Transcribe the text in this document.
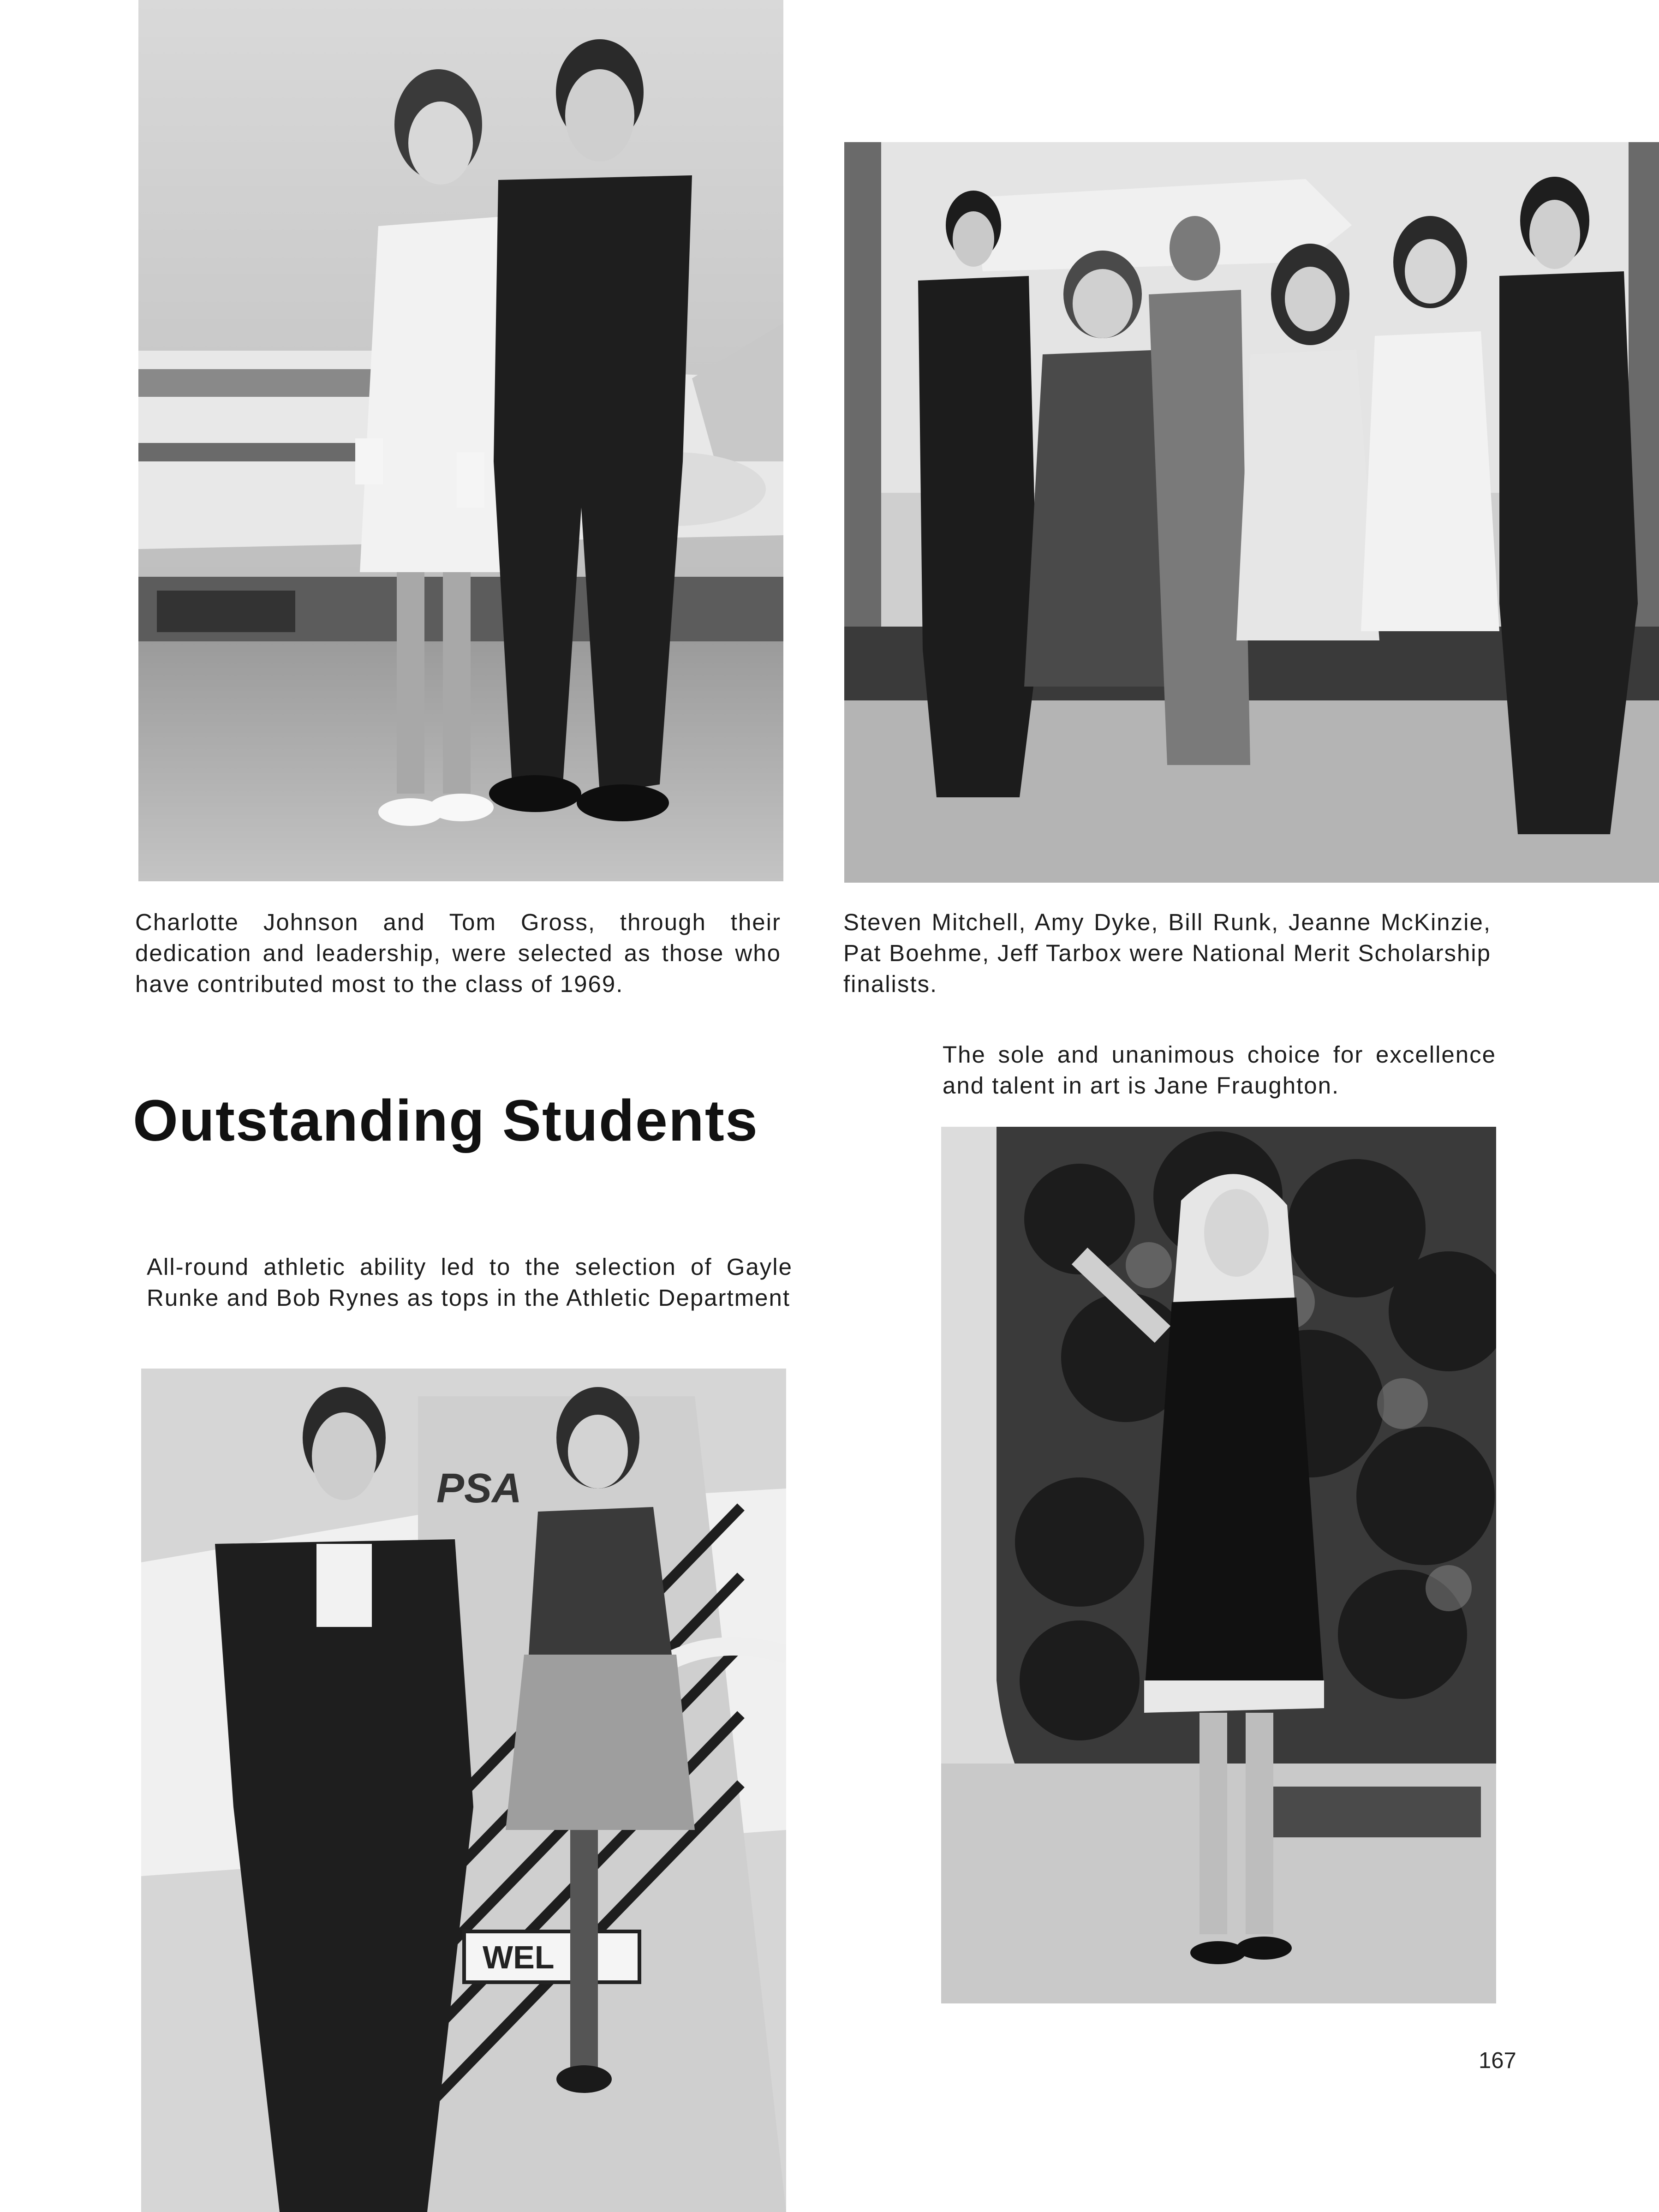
Charlotte Johnson and Tom Gross, through their dedication and leadership, were selected as those who have contributed most to the class of 1969.
Steven Mitchell, Amy Dyke, Bill Runk, Jeanne McKinzie, Pat Boehme, Jeff Tarbox were National Merit Scholarship finalists.
Outstanding Students
The sole and unanimous choice for excellence and talent in art is Jane Fraughton.
All-round athletic ability led to the selection of Gayle Runke and Bob Rynes as tops in the Athletic Department
PSA
WEL
167
